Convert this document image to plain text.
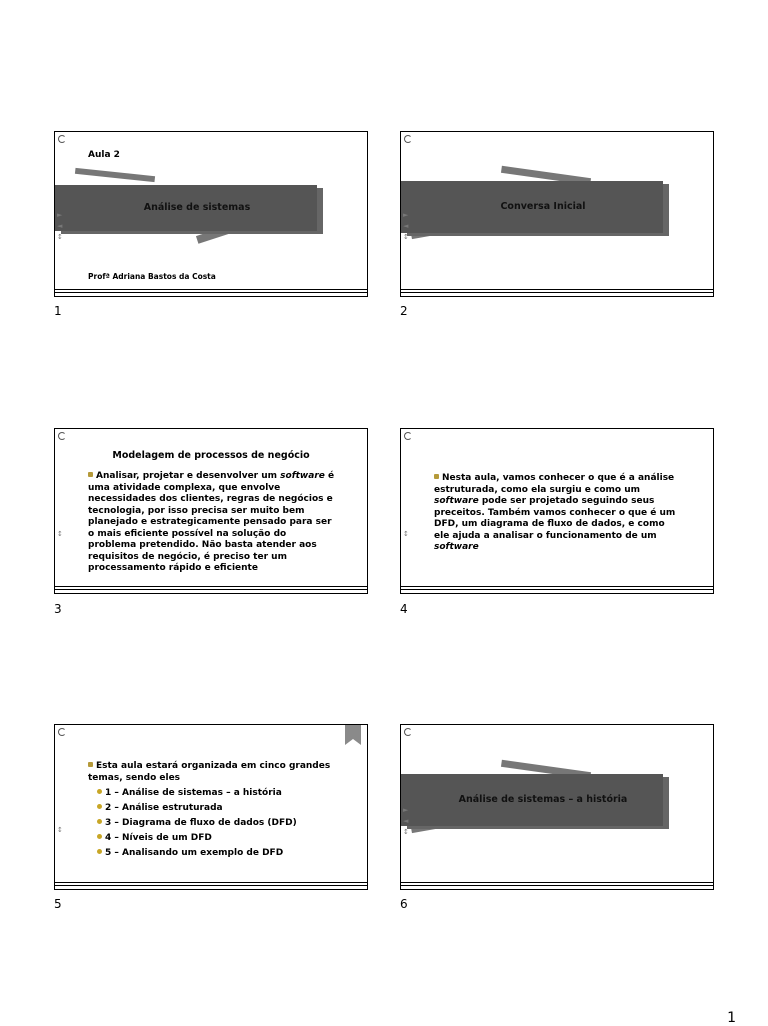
Aula 2
Análise de sistemas
►
◄
↕
Profª Adriana Bastos da Costa
1
Conversa Inicial
►
◄
↕
2
Modelagem de processos de negócio
Analisar, projetar e desenvolver um software é uma atividade complexa, que envolve necessidades dos clientes, regras de negócios e tecnologia, por isso precisa ser muito bem planejado e estrategicamente pensado para ser o mais eficiente possível na solução do problema pretendido. Não basta atender aos requisitos de negócio, é preciso ter um processamento rápido e eficiente
↕
3
Nesta aula, vamos conhecer o que é a análise estruturada, como ela surgiu e como um software pode ser projetado seguindo seus preceitos. Também vamos conhecer o que é um DFD, um diagrama de fluxo de dados, e como ele ajuda a analisar o funcionamento de um software
↕
4
Esta aula estará organizada em cinco grandes temas, sendo eles
1 – Análise de sistemas – a história
2 – Análise estruturada
3 – Diagrama de fluxo de dados (DFD)
4 – Níveis de um DFD
5 – Analisando um exemplo de DFD
↕
5
Análise de sistemas – a história
►
◄
↕
6
1
